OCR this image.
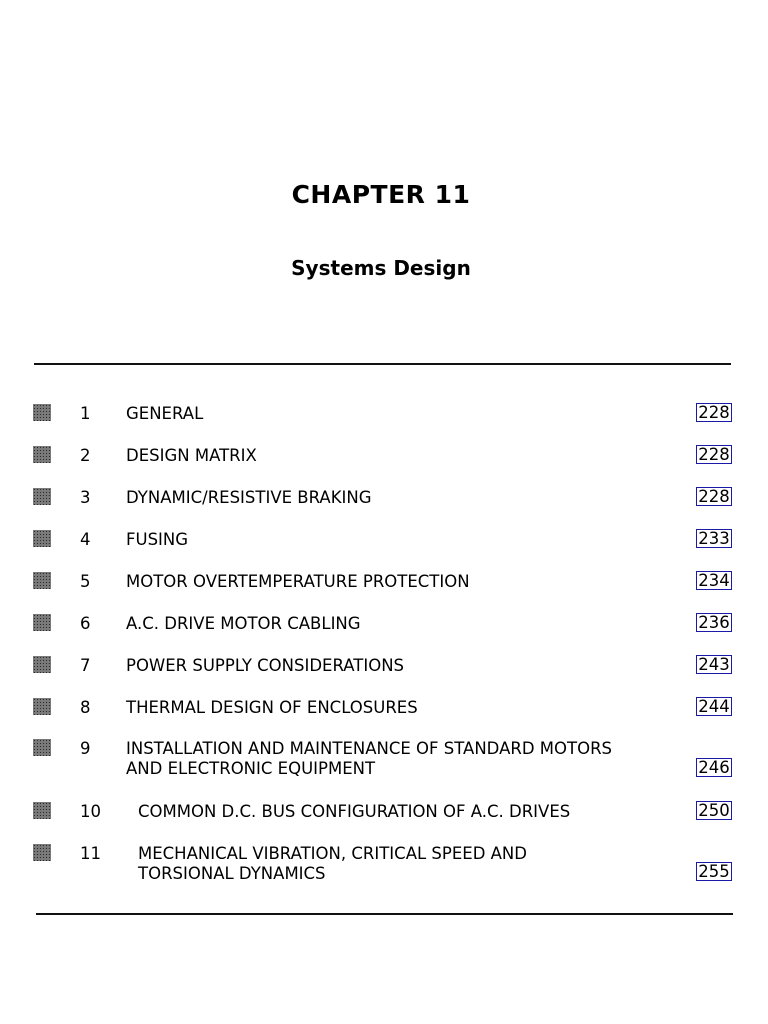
CHAPTER 11
Systems Design
1 GENERAL	228
2 DESIGN MATRIX	228
3 DYNAMIC/RESISTIVE BRAKING	228
4 FUSING	233
5 MOTOR OVERTEMPERATURE PROTECTION	234
6 A.C. DRIVE MOTOR CABLING	236
7 POWER SUPPLY CONSIDERATIONS	243
8 THERMAL DESIGN OF ENCLOSURES	244
9 INSTALLATION AND MAINTENANCE OF STANDARD MOTORS
AND ELECTRONIC EQUIPMENT	246
10 COMMON D.C. BUS CONFIGURATION OF A.C. DRIVES	250
11 MECHANICAL VIBRATION, CRITICAL SPEED AND
TORSIONAL DYNAMICS	255
